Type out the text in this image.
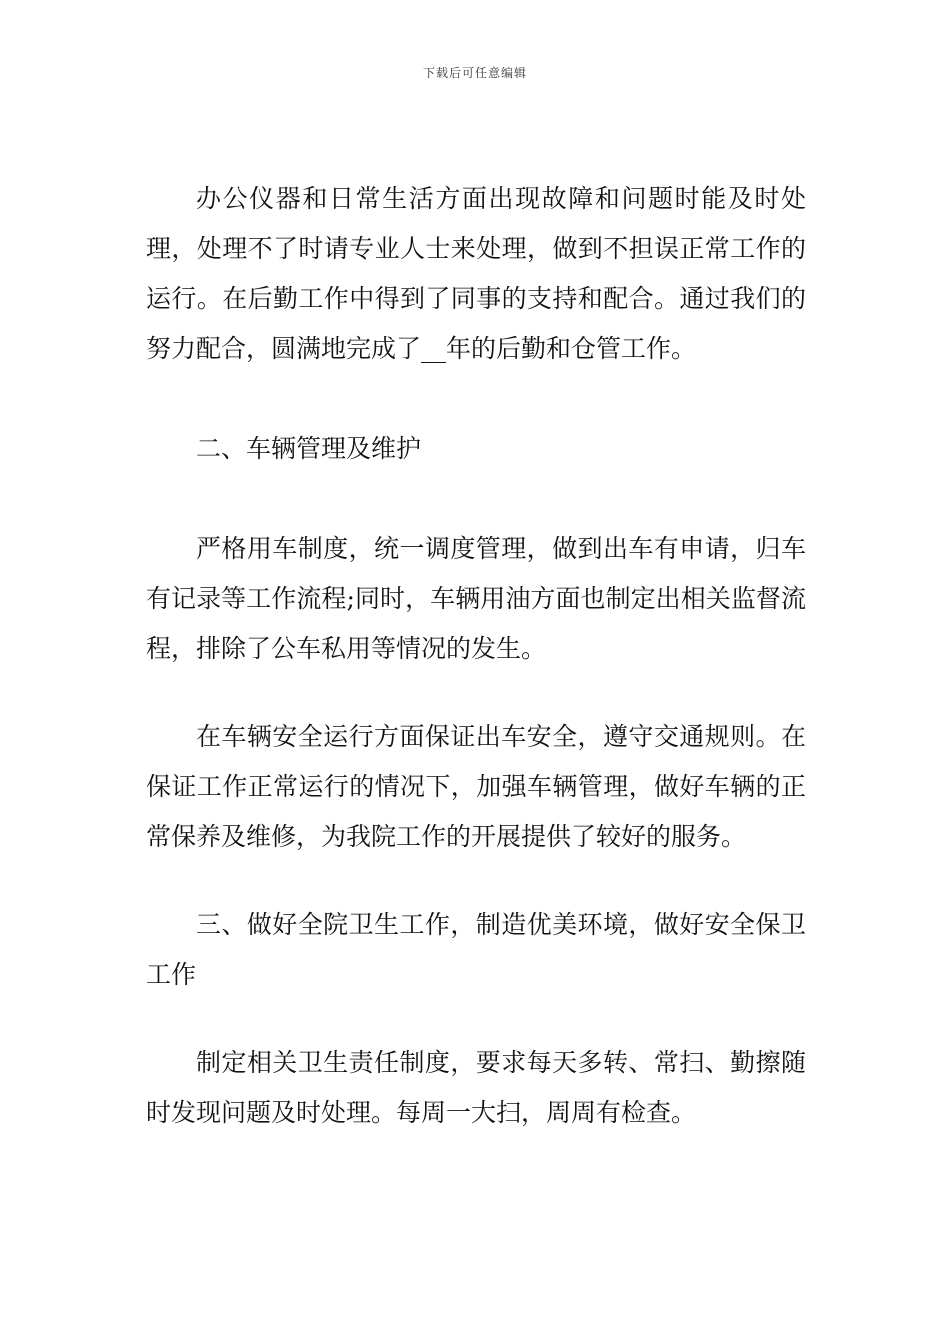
下载后可任意编辑

办公仪器和日常生活方面出现故障和问题时能及时处理，处理不了时请专业人士来处理，做到不担误正常工作的运行。在后勤工作中得到了同事的支持和配合。通过我们的努力配合，圆满地完成了__年的后勤和仓管工作。

二、车辆管理及维护

严格用车制度，统一调度管理，做到出车有申请，归车有记录等工作流程;同时，车辆用油方面也制定出相关监督流程，排除了公车私用等情况的发生。

在车辆安全运行方面保证出车安全，遵守交通规则。在保证工作正常运行的情况下，加强车辆管理，做好车辆的正常保养及维修，为我院工作的开展提供了较好的服务。

三、做好全院卫生工作，制造优美环境，做好安全保卫工作

制定相关卫生责任制度，要求每天多转、常扫、勤擦随时发现问题及时处理。每周一大扫，周周有检查。
